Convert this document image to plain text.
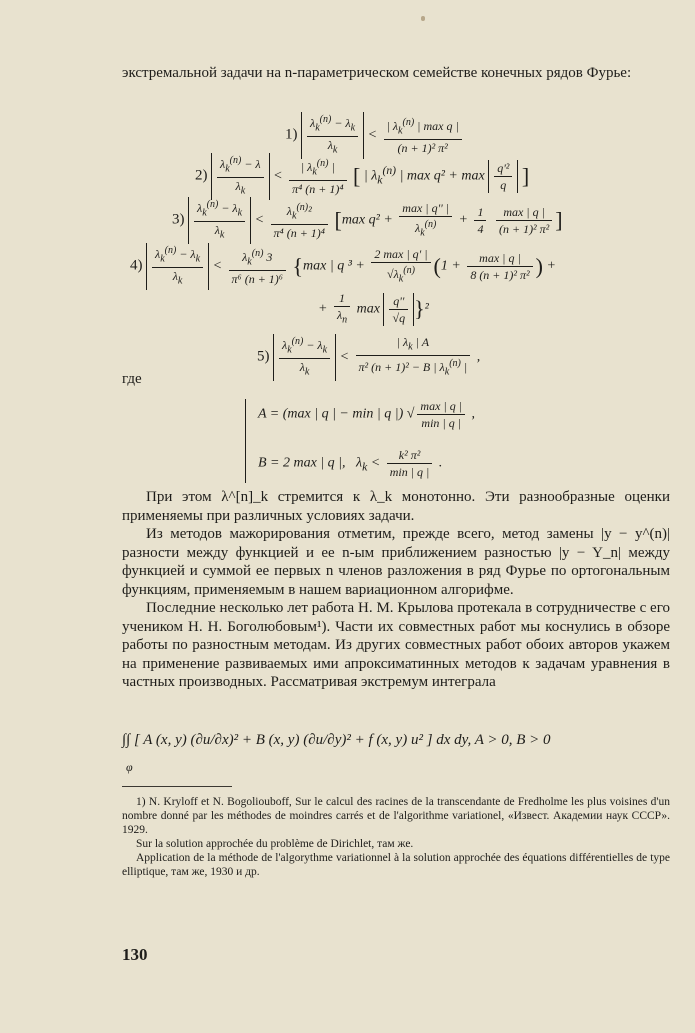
экстремальной задачи на n-параметрическом семействе конечных рядов Фурье:
$1) \frac{\lambda_k^{(n)} - \lambda_k}{\lambda_k} < \frac{| \lambda_k^{(n)} | \max q |}{\text{(n + 1)² π²}}$
$2) \frac{\lambda_k^{(n)} - \lambda}{\lambda_k} < \frac{| \lambda_k^{(n)} |}{\text{π⁴ (n + 1)⁴}}$ [ | $\lambda_k^{(n)}$ | $\max q^2 + \max \frac{\text{q'²}}{q}$ ]
$3) \frac{\lambda_k^{(n)} - \lambda_k}{\lambda_k} < \frac{\lambda_k^{(n)}^2}{\text{π⁴ (n + 1)⁴}} [\max$ $q^2 + \frac{\max | q'' |}{\lambda_k^{(n)}} + \frac{1}{4}$
$\frac{\max | q |}{\text{(n + 1)² π²}}$ ]
$4) \frac{\lambda_k^{(n)} - \lambda_k}{\lambda_k} < \frac{\lambda_k^{(n)} 3}{\text{π⁶ (n + 1)⁶}} \{\max$ | q $^3 + \frac{2 \max | q' |}{√\lambda_k^{(n)}} (1 + \frac{\max | q |}{\text{8 (n + 1)² π²}}$ ) +
+ $\frac{1}{\lambda_n}$ $\max \frac{q''}{√q} \}^2$
$5) \frac{\lambda_k^{(n)} - \lambda_k}{\lambda_k} < \frac{| \lambda_k | A}{\pi^2 (n + 1)^2 - B | \lambda_k^{(n)} |}$ ,
где
A = (max | q | − min | q |) √ $\frac{\max | q |}{\min | q |}$ ,
B = 2 max | q |,   $\lambda_k < \frac{\text{k² π²}}{\min | q |}$ .

При этом λ^[n]_k стремится к λ_k монотонно. Эти разнообразные оценки применяемы при различных условиях задачи.

Из методов мажорирования отметим, прежде всего, метод замены |y − y^(n)| разности между функцией и ее n-ым приближением разностью |y − Y_n| между функцией и суммой ее первых n членов разложения в ряд Фурье по ортогональным функциям, применяемым в нашем вариационном алгорифме.

Последние несколько лет работа Н. М. Крылова протекала в сотрудничестве с его учеником Н. Н. Боголюбовым¹). Части их совместных работ мы коснулись в обзоре работы по разностным методам. Из других совместных работ обоих авторов укажем на применение развиваемых ими апроксиматинных методов к задачам уравнения в частных производных. Рассматривая экстремум интеграла

∫∫ [ A (x, y) (∂u/∂x)² + B (x, y) (∂u/∂y)² + f (x, y) u² ] dx dy, A > 0, B > 0
φ

1) N. Kryloff et N. Bogolioubоff, Sur le calcul des racines de la transcendante de Fredholme les plus voisines d'un nombre donné par les méthodes de moindres carrés et de l'algorithme variationel, «Извест. Академии наук СССР». 1929.

Sur la solution approchée du problème de Dirichlet, там же.

Application de la méthode de l'algorythme variationnel à la solution approchée des équations différentielles de type elliptique, там же, 1930 и др.

130
